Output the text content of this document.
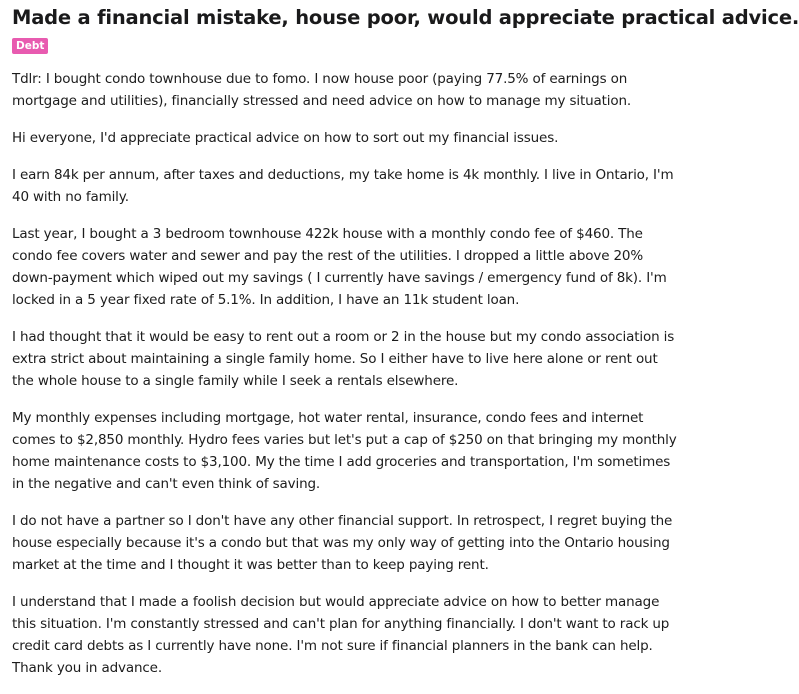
Made a financial mistake, house poor, would appreciate practical advice.
Debt

Tdlr: I bought condo townhouse due to fomo. I now house poor (paying 77.5% of earnings on mortgage and utilities), financially stressed and need advice on how to manage my situation.

Hi everyone, I'd appreciate practical advice on how to sort out my financial issues.

I earn 84k per annum, after taxes and deductions, my take home is 4k monthly. I live in Ontario, I'm 40 with no family.

Last year, I bought a 3 bedroom townhouse 422k house with a monthly condo fee of $460. The condo fee covers water and sewer and pay the rest of the utilities. I dropped a little above 20% down-payment which wiped out my savings ( I currently have savings / emergency fund of 8k). I'm locked in a 5 year fixed rate of 5.1%. In addition, I have an 11k student loan.

I had thought that it would be easy to rent out a room or 2 in the house but my condo association is extra strict about maintaining a single family home. So I either have to live here alone or rent out the whole house to a single family while I seek a rentals elsewhere.

My monthly expenses including mortgage, hot water rental, insurance, condo fees and internet comes to $2,850 monthly. Hydro fees varies but let's put a cap of $250 on that bringing my monthly home maintenance costs to $3,100. My the time I add groceries and transportation, I'm sometimes in the negative and can't even think of saving.

I do not have a partner so I don't have any other financial support. In retrospect, I regret buying the house especially because it's a condo but that was my only way of getting into the Ontario housing market at the time and I thought it was better than to keep paying rent.

I understand that I made a foolish decision but would appreciate advice on how to better manage this situation. I'm constantly stressed and can't plan for anything financially. I don't want to rack up credit card debts as I currently have none. I'm not sure if financial planners in the bank can help. Thank you in advance.
